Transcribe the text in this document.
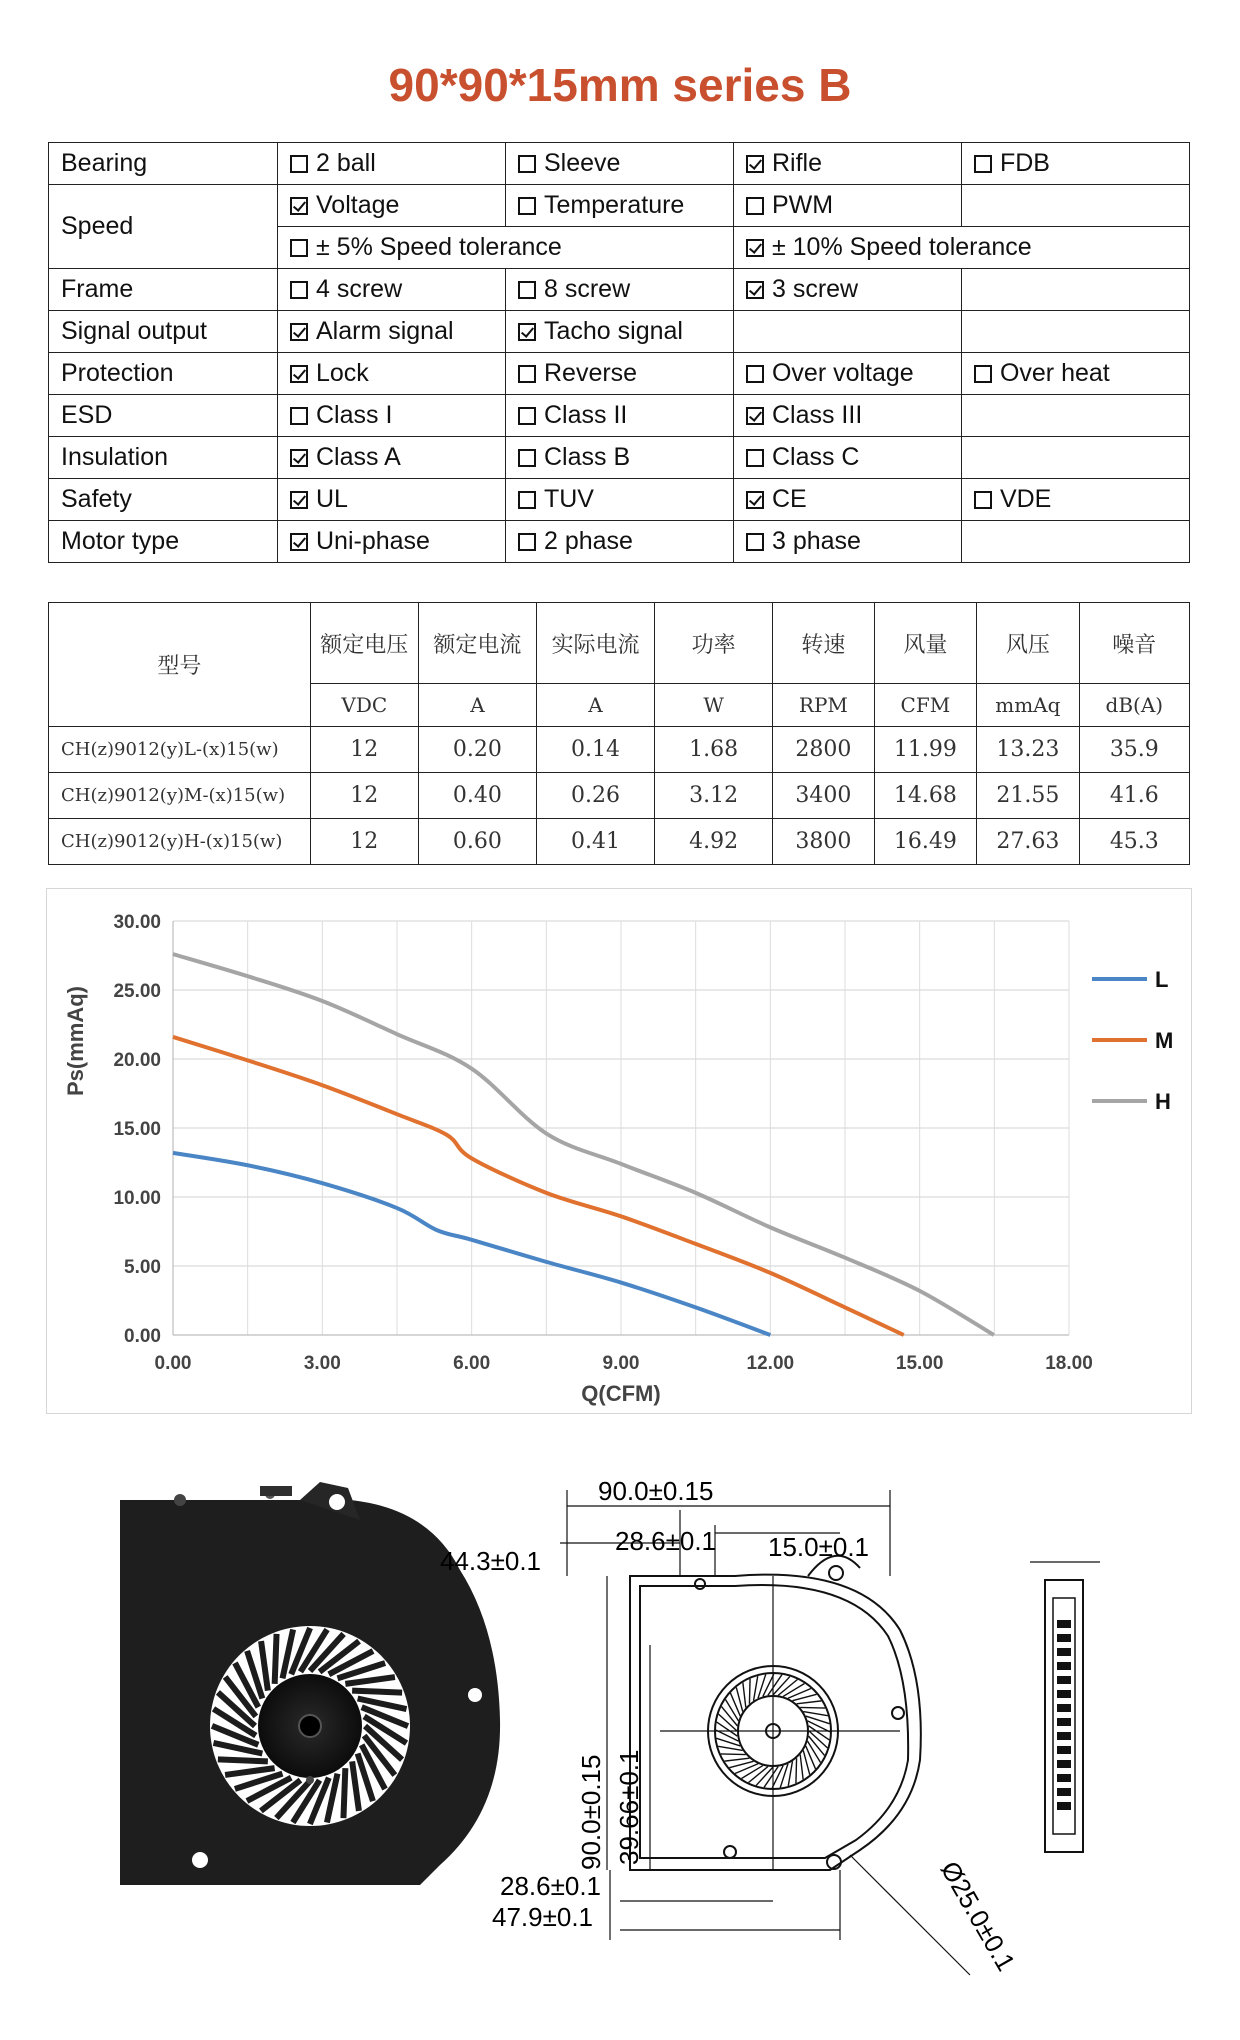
90*90*15mm series B
Bearing	2 ball	Sleeve	Rifle	FDB
Speed	Voltage	Temperature	PWM	
	± 5% Speed tolerance		± 10% Speed tolerance	
Frame	4 screw	8 screw	3 screw	
Signal output	Alarm signal	Tacho signal		
Protection	Lock	Reverse	Over voltage	Over heat
ESD	Class I	Class II	Class III	
Insulation	Class A	Class B	Class C	
Safety	UL	TUV	CE	VDE
Motor type	Uni-phase	2 phase	3 phase	
型号	额定电压	额定电流	实际电流	功率	转速	风量	风压	噪音
	VDC	A	A	W	RPM	CFM	mmAq	dB(A)
CH(z)9012(y)L-(x)15(w)	12	0.20	0.14	1.68	2800	11.99	13.23	35.9
CH(z)9012(y)M-(x)15(w)	12	0.40	0.26	3.12	3400	14.68	21.55	41.6
CH(z)9012(y)H-(x)15(w)	12	0.60	0.41	4.92	3800	16.49	27.63	45.3
0.00
5.00
10.00
15.00
20.00
25.00
30.00
0.00	3.00	6.00	9.00	12.00	15.00	18.00
Q(CFM)
Ps(mmAq)
L
M
H
90.0±0.15
28.6±0.1
44.3±0.1	15.0±0.1
90.0±0.15 39.66±0.1
28.6±0.1
47.9±0.1	Ø25.0±0.1
